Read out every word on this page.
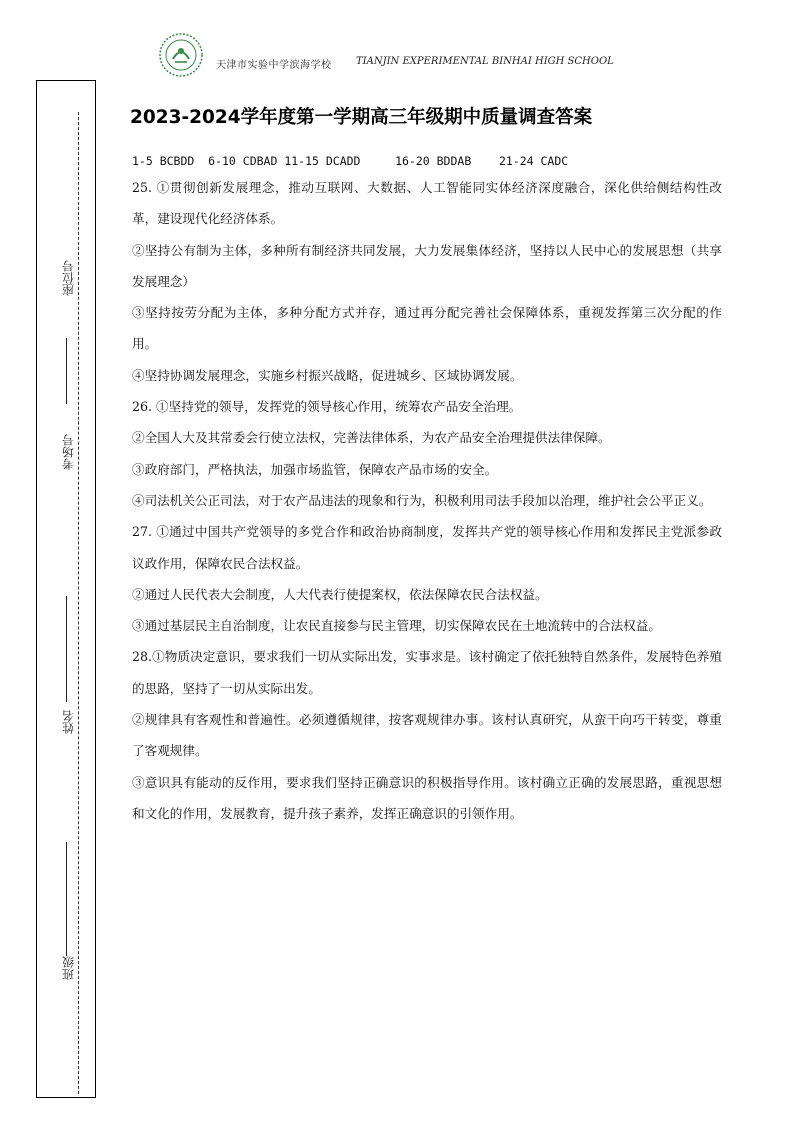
天津市实验中学滨海学校 TIANJIN EXPERIMENTAL BINHAI HIGH SCHOOL
座位号
考场号
姓名
班级
2023-2024学年度第一学期高三年级期中质量调查答案

1-5 BCBDD  6-10 CDBAD 11-15 DCADD     16-20 BDDAB    21-24 CADC

25. ①贯彻创新发展理念，推动互联网、大数据、人工智能同实体经济深度融合，深化供给侧结构性改革，建设现代化经济体系。

②坚持公有制为主体，多种所有制经济共同发展，大力发展集体经济，坚持以人民中心的发展思想（共享发展理念）

③坚持按劳分配为主体，多种分配方式并存，通过再分配完善社会保障体系，重视发挥第三次分配的作用。

④坚持协调发展理念，实施乡村振兴战略，促进城乡、区域协调发展。

26. ①坚持党的领导，发挥党的领导核心作用，统筹农产品安全治理。

②全国人大及其常委会行使立法权，完善法律体系，为农产品安全治理提供法律保障。

③政府部门，严格执法，加强市场监管，保障农产品市场的安全。

④司法机关公正司法，对于农产品违法的现象和行为，积极利用司法手段加以治理，维护社会公平正义。

27. ①通过中国共产党领导的多党合作和政治协商制度，发挥共产党的领导核心作用和发挥民主党派参政议政作用，保障农民合法权益。

②通过人民代表大会制度，人大代表行使提案权，依法保障农民合法权益。

③通过基层民主自治制度，让农民直接参与民主管理，切实保障农民在土地流转中的合法权益。

28.①物质决定意识，要求我们一切从实际出发，实事求是。该村确定了依托独特自然条件，发展特色养殖的思路，坚持了一切从实际出发。

②规律具有客观性和普遍性。必须遵循规律，按客观规律办事。该村认真研究，从蛮干向巧干转变，尊重了客观规律。

③意识具有能动的反作用，要求我们坚持正确意识的积极指导作用。该村确立正确的发展思路，重视思想和文化的作用，发展教育，提升孩子素养，发挥正确意识的引领作用。
